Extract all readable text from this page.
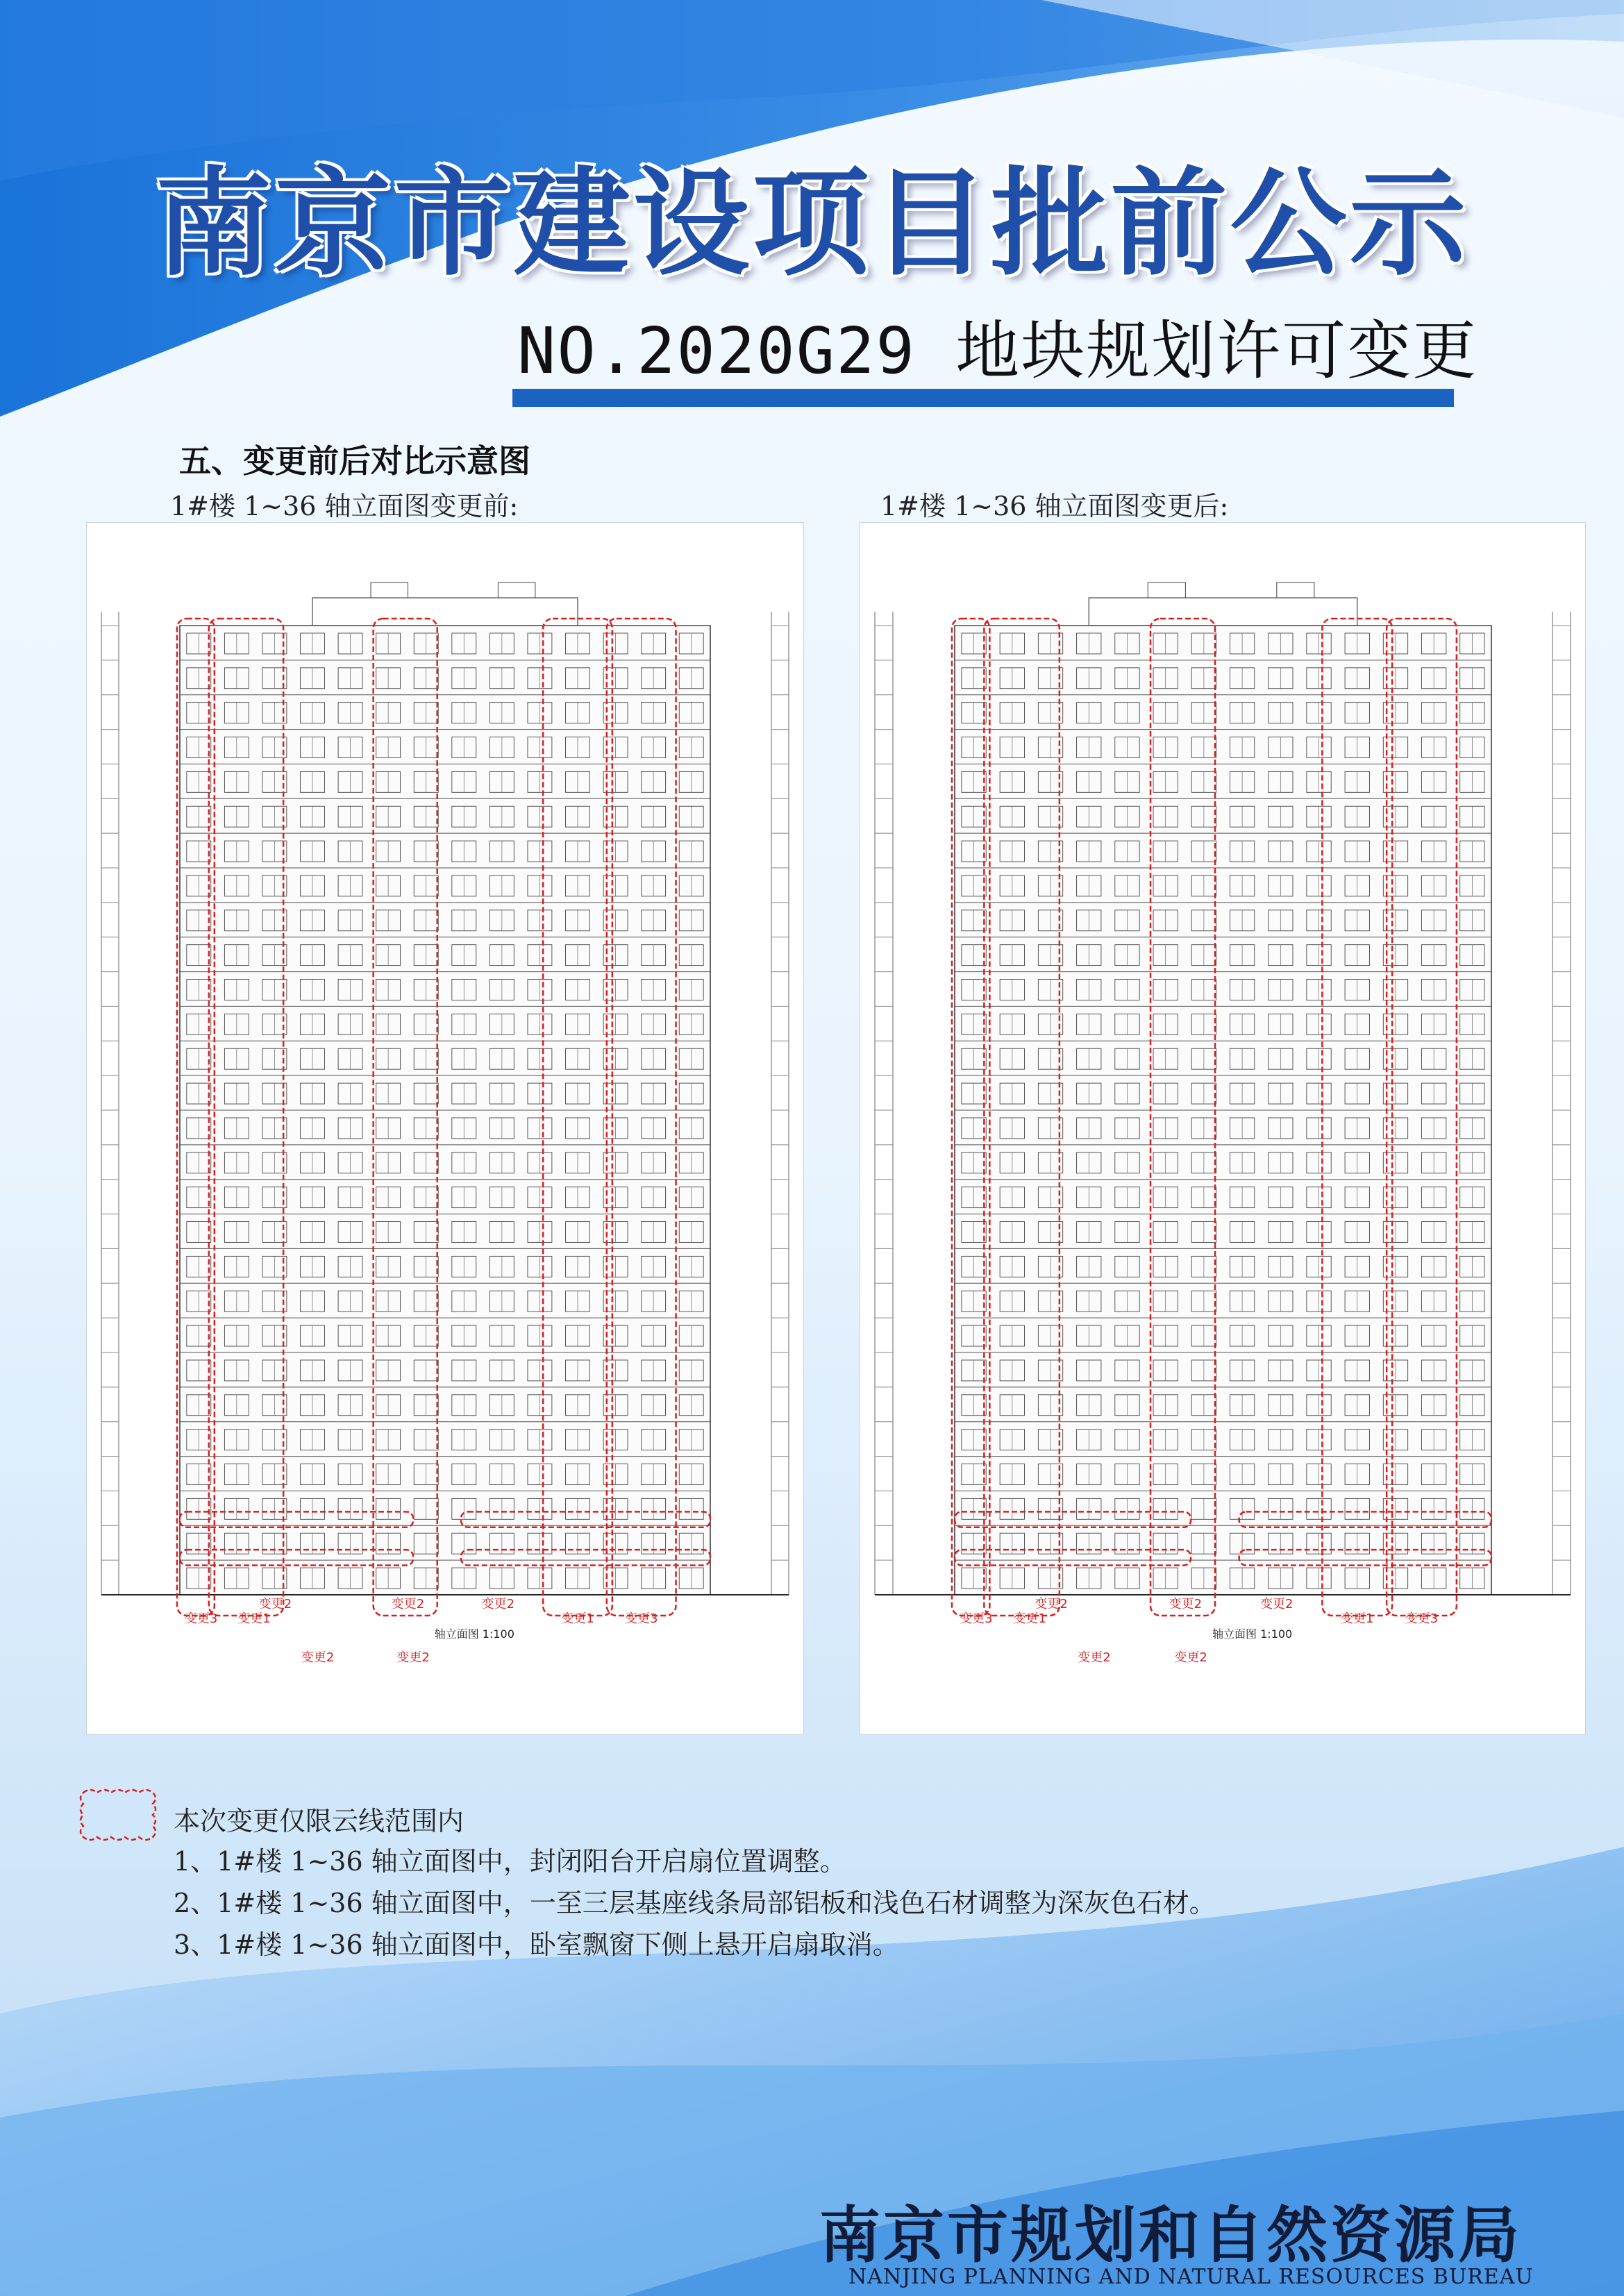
南京市建设项目批前公示
NO.2020G29 地块规划许可变更
五、变更前后对比示意图
1#楼 1~36 轴立面图变更前:	1#楼 1~36 轴立面图变更后:
变更3 变更1
变更2
变更1 变更3
变更2	变更2
变更2	变更2
轴立面图 1:100
变更3 变更1
变更2
变更1	变更3
变更2	变更2
变更2	变更2
轴立面图 1:100
本次变更仅限云线范围内
1、1#楼 1~36 轴立面图中，封闭阳台开启扇位置调整。
2、1#楼 1~36 轴立面图中，一至三层基座线条局部铝板和浅色石材调整为深灰色石材。
3、1#楼 1~36 轴立面图中，卧室飘窗下侧上悬开启扇取消。
南京市规划和自然资源局
NANJING PLANNING AND NATURAL RESOURCES BUREAU
